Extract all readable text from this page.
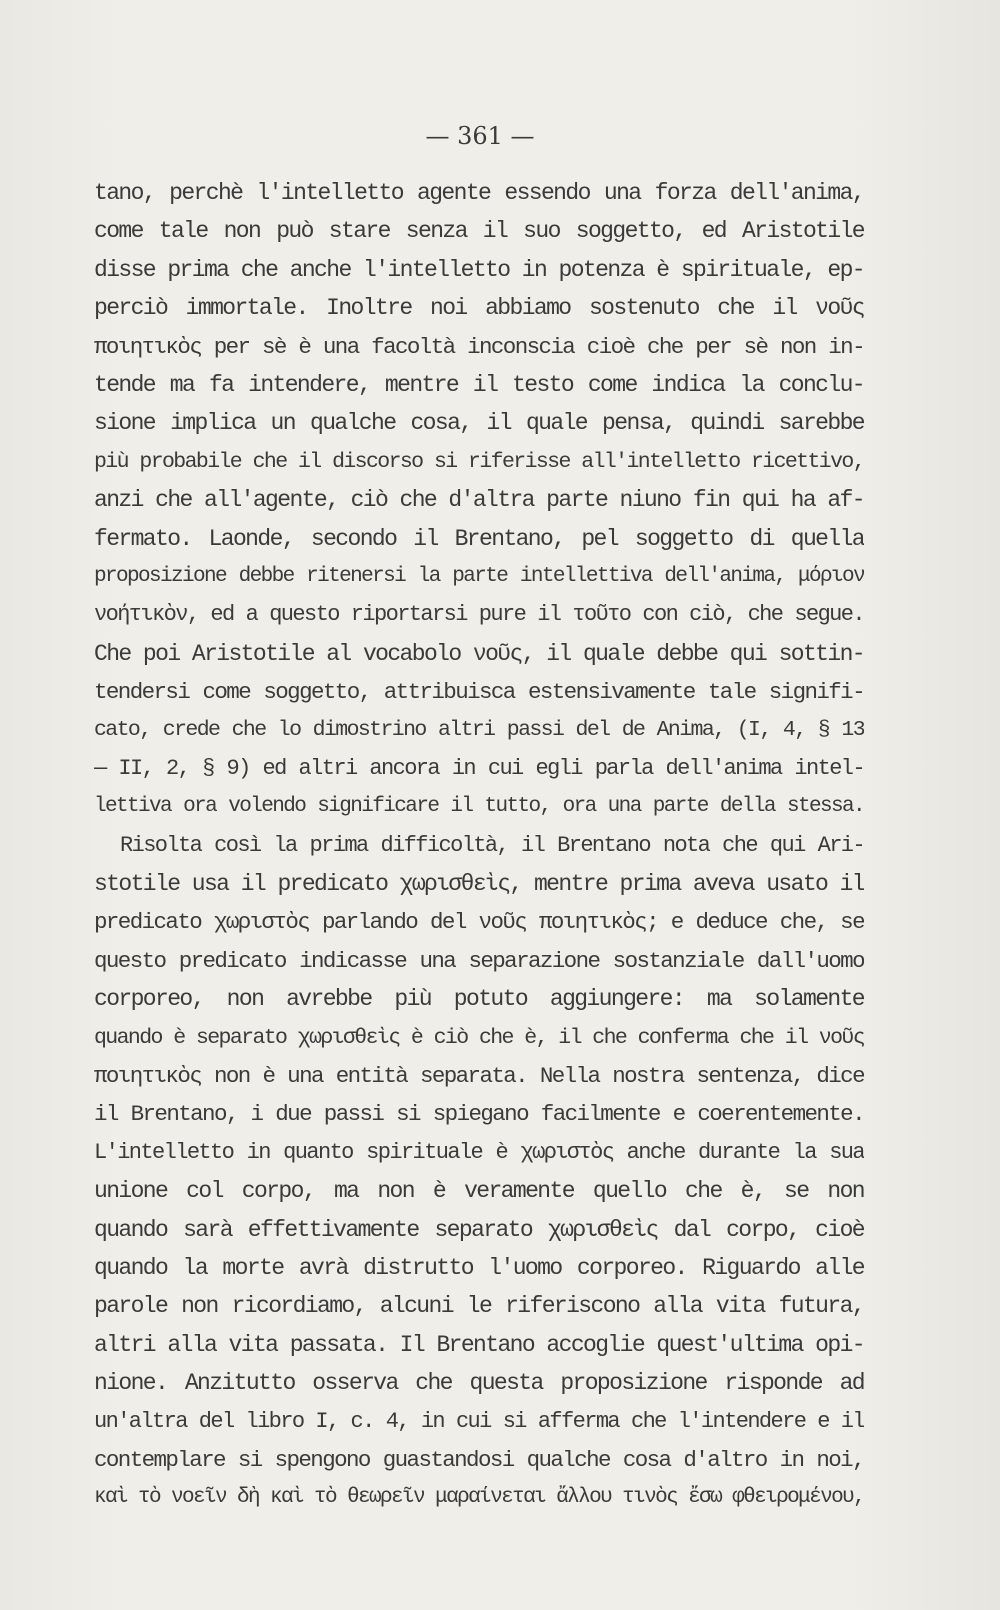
— 361 —
tano, perchè l'intelletto agente essendo una forza dell'anima,
come tale non può stare senza il suo soggetto, ed Aristotile
disse prima che anche l'intelletto in potenza è spirituale, ep-
perciò immortale. Inoltre noi abbiamo sostenuto che il νοῦς
ποιητικὸς per sè è una facoltà inconscia cioè che per sè non in-
tende ma fa intendere, mentre il testo come indica la conclu-
sione implica un qualche cosa, il quale pensa, quindi sarebbe
più probabile che il discorso si riferisse all'intelletto ricettivo,
anzi che all'agente, ciò che d'altra parte niuno fin qui ha af-
fermato. Laonde, secondo il Brentano, pel soggetto di quella
proposizione debbe ritenersi la parte intellettiva dell'anima, μόριον
νοήτικὸν, ed a questo riportarsi pure il τοῦτο con ciò, che segue.
Che poi Aristotile al vocabolo νοῦς, il quale debbe qui sottin-
tendersi come soggetto, attribuisca estensivamente tale signifi-
cato, crede che lo dimostrino altri passi del de Anima, (I, 4, § 13
— II, 2, § 9) ed altri ancora in cui egli parla dell'anima intel-
lettiva ora volendo significare il tutto, ora una parte della stessa.
Risolta così la prima difficoltà, il Brentano nota che qui Ari-
stotile usa il predicato χωρισθεὶς, mentre prima aveva usato il
predicato χωριστὸς parlando del νοῦς ποιητικὸς; e deduce che, se
questo predicato indicasse una separazione sostanziale dall'uomo
corporeo, non avrebbe più potuto aggiungere: ma solamente
quando è separato χωρισθεὶς è ciò che è, il che conferma che il νοῦς
ποιητικὸς non è una entità separata. Nella nostra sentenza, dice
il Brentano, i due passi si spiegano facilmente e coerentemente.
L'intelletto in quanto spirituale è χωριστὸς anche durante la sua
unione col corpo, ma non è veramente quello che è, se non
quando sarà effettivamente separato χωρισθεὶς dal corpo, cioè
quando la morte avrà distrutto l'uomo corporeo. Riguardo alle
parole non ricordiamo, alcuni le riferiscono alla vita futura,
altri alla vita passata. Il Brentano accoglie quest'ultima opi-
nione. Anzitutto osserva che questa proposizione risponde ad
un'altra del libro I, c. 4, in cui si afferma che l'intendere e il
contemplare si spengono guastandosi qualche cosa d'altro in noi,
καὶ τὸ νοεῖν δὴ καὶ τὸ θεωρεῖν μαραίνεται ἄλλου τινὸς ἔσω φθειρομένου,
